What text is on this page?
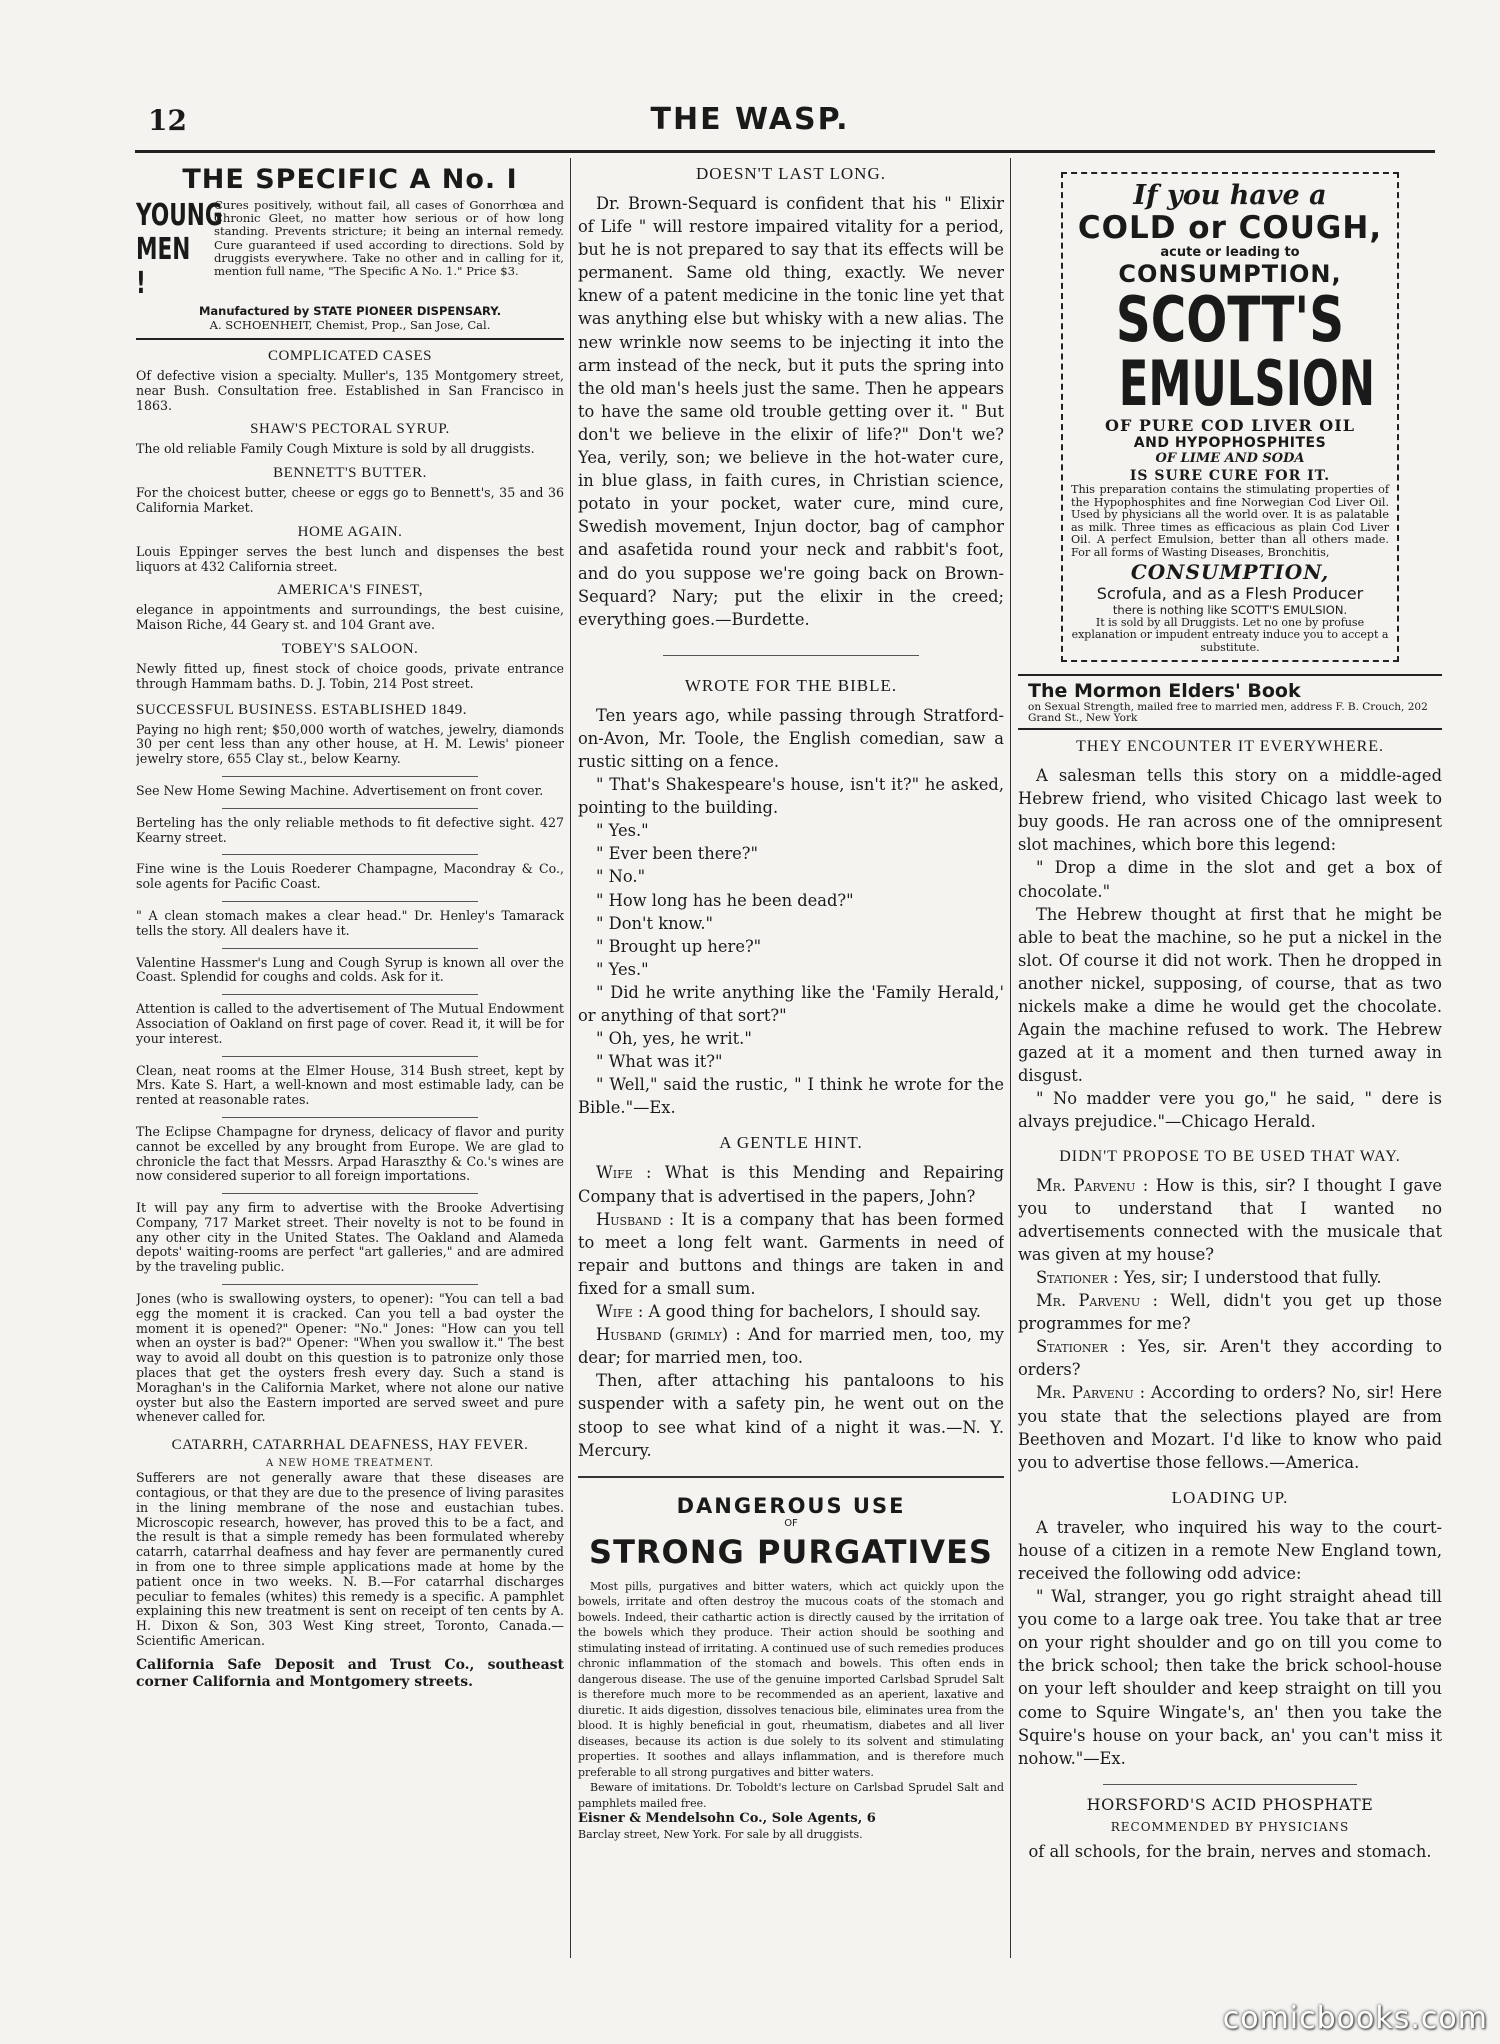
12	THE WASP.
THE SPECIFIC A No. I
YOUNG MEN !
Cures positively, without fail, all cases of Gonorrhœa and Chronic Gleet, no matter how serious or of how long standing. Prevents stricture; it being an internal remedy. Cure guaranteed if used according to directions. Sold by druggists everywhere. Take no other and in calling for it, mention full name, "The Specific A No. 1." Price $3.
Manufactured by STATE PIONEER DISPENSARY.
A. SCHOENHEIT, Chemist, Prop., San Jose, Cal.
COMPLICATED CASES
Of defective vision a specialty. Muller's, 135 Montgomery street, near Bush. Consultation free. Established in San Francisco in 1863.
SHAW'S PECTORAL SYRUP.
The old reliable Family Cough Mixture is sold by all druggists.
BENNETT'S BUTTER.
For the choicest butter, cheese or eggs go to Bennett's, 35 and 36 California Market.
HOME AGAIN.
Louis Eppinger serves the best lunch and dispenses the best liquors at 432 California street.
AMERICA'S FINEST,
elegance in appointments and surroundings, the best cuisine, Maison Riche, 44 Geary st. and 104 Grant ave.
TOBEY'S SALOON.
Newly fitted up, finest stock of choice goods, private entrance through Hammam baths. D. J. Tobin, 214 Post street.
SUCCESSFUL BUSINESS. ESTABLISHED 1849.
Paying no high rent; $50,000 worth of watches, jewelry, diamonds 30 per cent less than any other house, at H. M. Lewis' pioneer jewelry store, 655 Clay st., below Kearny.
See New Home Sewing Machine. Advertisement on front cover.
Berteling has the only reliable methods to fit defective sight. 427 Kearny street.
Fine wine is the Louis Roederer Champagne, Macondray & Co., sole agents for Pacific Coast.
" A clean stomach makes a clear head." Dr. Henley's Tamarack tells the story. All dealers have it.
Valentine Hassmer's Lung and Cough Syrup is known all over the Coast. Splendid for coughs and colds. Ask for it.
Attention is called to the advertisement of The Mutual Endowment Association of Oakland on first page of cover. Read it, it will be for your interest.
Clean, neat rooms at the Elmer House, 314 Bush street, kept by Mrs. Kate S. Hart, a well-known and most estimable lady, can be rented at reasonable rates.
The Eclipse Champagne for dryness, delicacy of flavor and purity cannot be excelled by any brought from Europe. We are glad to chronicle the fact that Messrs. Arpad Haraszthy & Co.'s wines are now considered superior to all foreign importations.
It will pay any firm to advertise with the Brooke Advertising Company, 717 Market street. Their novelty is not to be found in any other city in the United States. The Oakland and Alameda depots' waiting-rooms are perfect "art galleries," and are admired by the traveling public.
Jones (who is swallowing oysters, to opener): "You can tell a bad egg the moment it is cracked. Can you tell a bad oyster the moment it is opened?" Opener: "No." Jones: "How can you tell when an oyster is bad?" Opener: "When you swallow it." The best way to avoid all doubt on this question is to patronize only those places that get the oysters fresh every day. Such a stand is Moraghan's in the California Market, where not alone our native oyster but also the Eastern imported are served sweet and pure whenever called for.
CATARRH, CATARRHAL DEAFNESS, HAY FEVER.
A NEW HOME TREATMENT.
Sufferers are not generally aware that these diseases are contagious, or that they are due to the presence of living parasites in the lining membrane of the nose and eustachian tubes. Microscopic research, however, has proved this to be a fact, and the result is that a simple remedy has been formulated whereby catarrh, catarrhal deafness and hay fever are permanently cured in from one to three simple applications made at home by the patient once in two weeks. N. B.—For catarrhal discharges peculiar to females (whites) this remedy is a specific. A pamphlet explaining this new treatment is sent on receipt of ten cents by A. H. Dixon & Son, 303 West King street, Toronto, Canada.—Scientific American.
California Safe Deposit and Trust Co., southeast corner California and Montgomery streets.
DOESN'T LAST LONG.

Dr. Brown-Sequard is confident that his " Elixir of Life " will restore impaired vitality for a period, but he is not prepared to say that its effects will be permanent. Same old thing, exactly. We never knew of a patent medicine in the tonic line yet that was anything else but whisky with a new alias. The new wrinkle now seems to be injecting it into the arm instead of the neck, but it puts the spring into the old man's heels just the same. Then he appears to have the same old trouble getting over it. " But don't we believe in the elixir of life?" Don't we? Yea, verily, son; we believe in the hot-water cure, in blue glass, in faith cures, in Christian science, potato in your pocket, water cure, mind cure, Swedish movement, Injun doctor, bag of camphor and asafetida round your neck and rabbit's foot, and do you suppose we're going back on Brown-Sequard? Nary; put the elixir in the creed; everything goes.—Burdette.

WROTE FOR THE BIBLE.

Ten years ago, while passing through Stratford-on-Avon, Mr. Toole, the English comedian, saw a rustic sitting on a fence.

" That's Shakespeare's house, isn't it?" he asked, pointing to the building.

" Yes."

" Ever been there?"

" No."

" How long has he been dead?"

" Don't know."

" Brought up here?"

" Yes."

" Did he write anything like the 'Family Herald,' or anything of that sort?"

" Oh, yes, he writ."

" What was it?"

" Well," said the rustic, " I think he wrote for the Bible."—Ex.

A GENTLE HINT.

Wife : What is this Mending and Repairing Company that is advertised in the papers, John?

Husband : It is a company that has been formed to meet a long felt want. Garments in need of repair and buttons and things are taken in and fixed for a small sum.

Wife : A good thing for bachelors, I should say.

Husband (grimly) : And for married men, too, my dear; for married men, too.

Then, after attaching his pantaloons to his suspender with a safety pin, he went out on the stoop to see what kind of a night it was.—N. Y. Mercury.

DANGEROUS USE
OF
STRONG PURGATIVES

Most pills, purgatives and bitter waters, which act quickly upon the bowels, irritate and often destroy the mucous coats of the stomach and bowels. Indeed, their cathartic action is directly caused by the irritation of the bowels which they produce. Their action should be soothing and stimulating instead of irritating. A continued use of such remedies produces chronic inflammation of the stomach and bowels. This often ends in dangerous disease. The use of the genuine imported Carlsbad Sprudel Salt is therefore much more to be recommended as an aperient, laxative and diuretic. It aids digestion, dissolves tenacious bile, eliminates urea from the blood. It is highly beneficial in gout, rheumatism, diabetes and all liver diseases, because its action is due solely to its solvent and stimulating properties. It soothes and allays inflammation, and is therefore much preferable to all strong purgatives and bitter waters.

Beware of imitations. Dr. Toboldt's lecture on Carlsbad Sprudel Salt and pamphlets mailed free.

Eisner & Mendelsohn Co., Sole Agents, 6
Barclay street, New York. For sale by all druggists.
If you have a
COLD or COUGH,
acute or leading to
CONSUMPTION,
SCOTT'S
EMULSION
OF PURE COD LIVER OIL
AND HYPOPHOSPHITES
OF LIME AND SODA
IS SURE CURE FOR IT.
This preparation contains the stimulating properties of the Hypophosphites and fine Norwegian Cod Liver Oil. Used by physicians all the world over. It is as palatable as milk. Three times as efficacious as plain Cod Liver Oil. A perfect Emulsion, better than all others made. For all forms of Wasting Diseases, Bronchitis,
CONSUMPTION,
Scrofula, and as a Flesh Producer
there is nothing like SCOTT'S EMULSION.
It is sold by all Druggists. Let no one by profuse explanation or impudent entreaty induce you to accept a substitute.
The Mormon Elders' Book
on Sexual Strength, mailed free to married men, address F. B. Crouch, 202 Grand St., New York
THEY ENCOUNTER IT EVERYWHERE.

A salesman tells this story on a middle-aged Hebrew friend, who visited Chicago last week to buy goods. He ran across one of the omnipresent slot machines, which bore this legend:

" Drop a dime in the slot and get a box of chocolate."

The Hebrew thought at first that he might be able to beat the machine, so he put a nickel in the slot. Of course it did not work. Then he dropped in another nickel, supposing, of course, that as two nickels make a dime he would get the chocolate. Again the machine refused to work. The Hebrew gazed at it a moment and then turned away in disgust.

" No madder vere you go," he said, " dere is alvays prejudice."—Chicago Herald.

DIDN'T PROPOSE TO BE USED THAT WAY.

Mr. Parvenu : How is this, sir? I thought I gave you to understand that I wanted no advertisements connected with the musicale that was given at my house?

Stationer : Yes, sir; I understood that fully.

Mr. Parvenu : Well, didn't you get up those programmes for me?

Stationer : Yes, sir. Aren't they according to orders?

Mr. Parvenu : According to orders? No, sir! Here you state that the selections played are from Beethoven and Mozart. I'd like to know who paid you to advertise those fellows.—America.

LOADING UP.

A traveler, who inquired his way to the court-house of a citizen in a remote New England town, received the following odd advice:

" Wal, stranger, you go right straight ahead till you come to a large oak tree. You take that ar tree on your right shoulder and go on till you come to the brick school; then take the brick school-house on your left shoulder and keep straight on till you come to Squire Wingate's, an' then you take the Squire's house on your back, an' you can't miss it nohow."—Ex.

HORSFORD'S ACID PHOSPHATE
RECOMMENDED BY PHYSICIANS
of all schools, for the brain, nerves and stomach.
comicbooks.com
